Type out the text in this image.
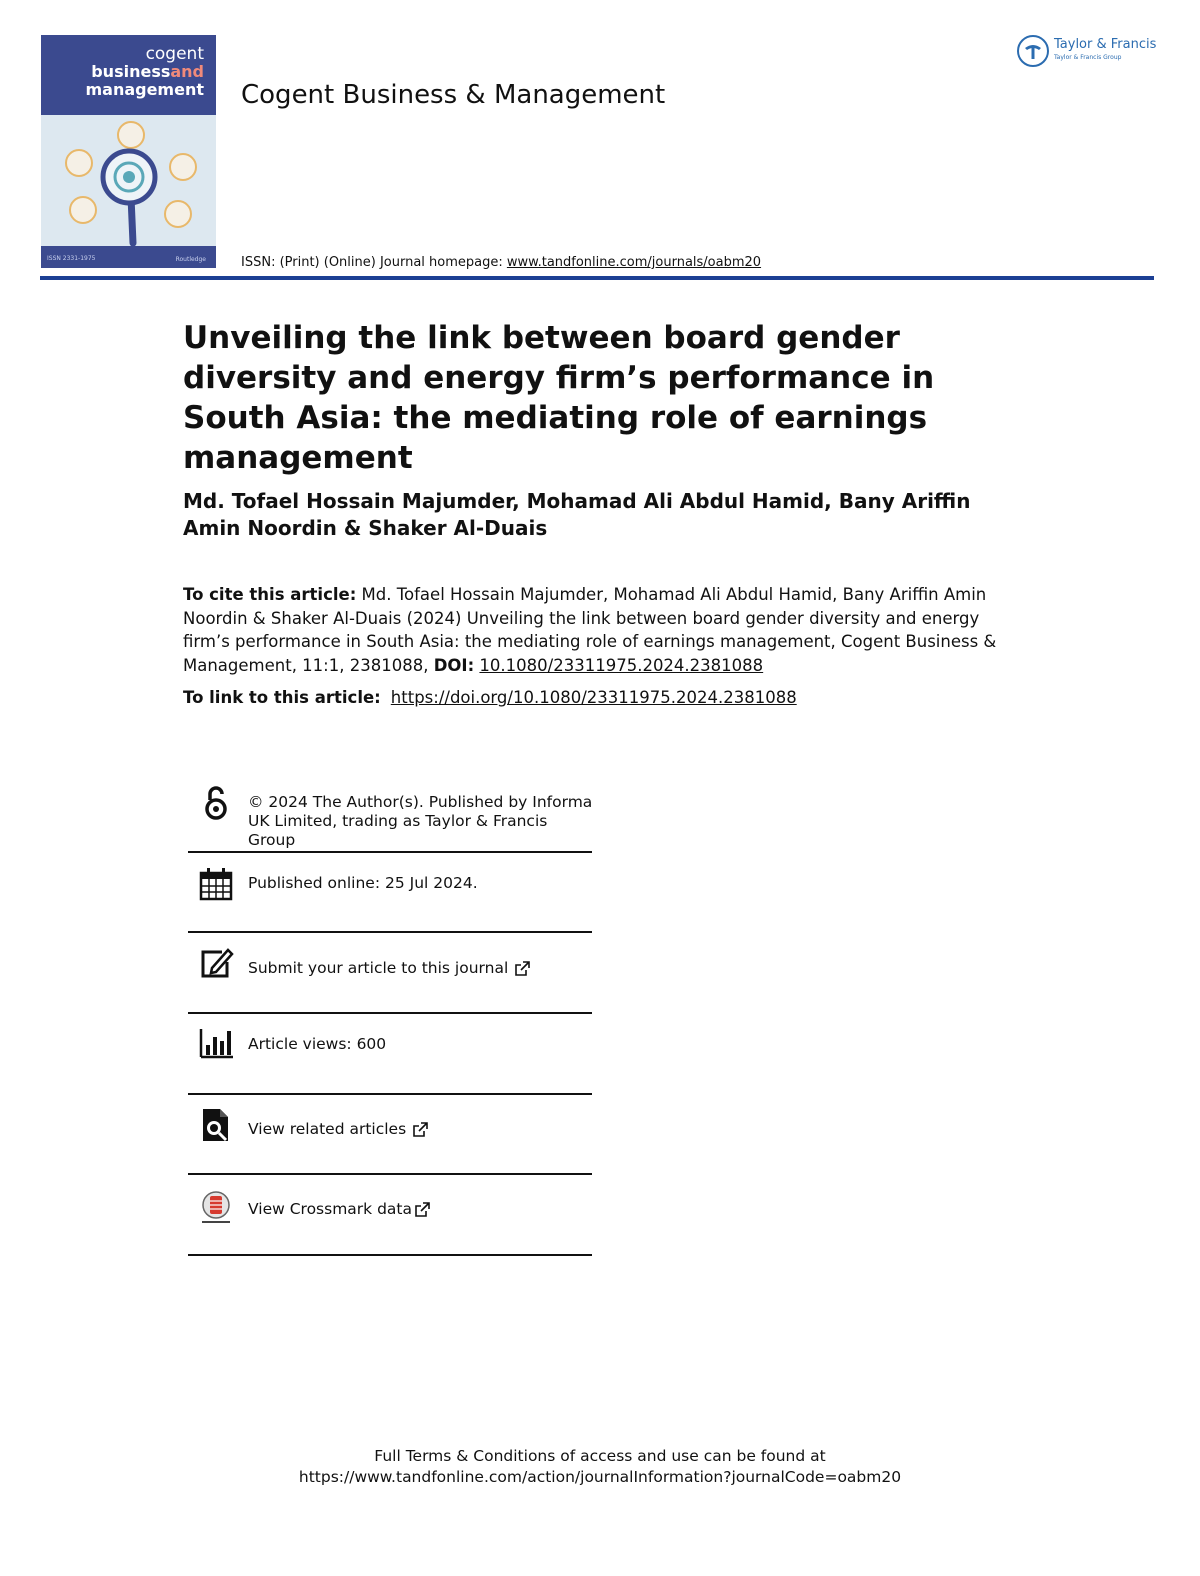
cogent
businessand
management
ISSN 2331-1975	Routledge
Cogent Business & Management
ISSN: (Print) (Online) Journal homepage: www.tandfonline.com/journals/oabm20
Taylor & Francis
Taylor & Francis Group
Unveiling the link between board gender diversity and energy firm’s performance in South Asia: the mediating role of earnings management
Md. Tofael Hossain Majumder, Mohamad Ali Abdul Hamid, Bany Ariffin Amin Noordin & Shaker Al-Duais
To cite this article: Md. Tofael Hossain Majumder, Mohamad Ali Abdul Hamid, Bany Ariffin Amin Noordin & Shaker Al-Duais (2024) Unveiling the link between board gender diversity and energy firm’s performance in South Asia: the mediating role of earnings management, Cogent Business & Management, 11:1, 2381088, DOI: 10.1080/23311975.2024.2381088
To link to this article: https://doi.org/10.1080/23311975.2024.2381088
© 2024 The Author(s). Published by Informa UK Limited, trading as Taylor & Francis Group
Published online: 25 Jul 2024.
Submit your article to this journal
Article views: 600
View related articles
View Crossmark data
Full Terms & Conditions of access and use can be found at
https://www.tandfonline.com/action/journalInformation?journalCode=oabm20
